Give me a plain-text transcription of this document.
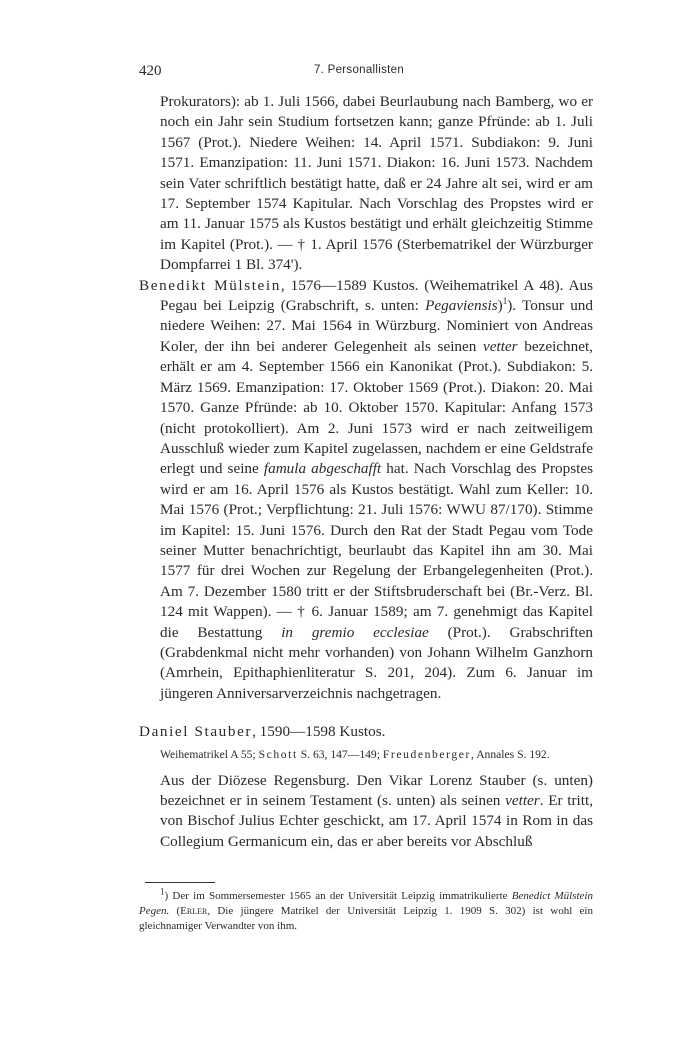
420	7. Personallisten

Prokurators): ab 1. Juli 1566, dabei Beurlaubung nach Bamberg, wo er noch ein Jahr sein Studium fortsetzen kann; ganze Pfründe: ab 1. Juli 1567 (Prot.). Niedere Weihen: 14. April 1571. Subdiakon: 9. Juni 1571. Emanzipation: 11. Juni 1571. Diakon: 16. Juni 1573. Nachdem sein Vater schriftlich bestätigt hatte, daß er 24 Jahre alt sei, wird er am 17. September 1574 Kapitular. Nach Vorschlag des Propstes wird er am 11. Januar 1575 als Kustos bestätigt und erhält gleichzeitig Stimme im Kapitel (Prot.). — † 1. April 1576 (Sterbematrikel der Würzburger Dompfarrei 1 Bl. 374').

Benedikt Mülstein, 1576—1589 Kustos. (Weihematrikel A 48). Aus Pegau bei Leipzig (Grabschrift, s. unten: Pegaviensis)$^1$). Tonsur und niedere Weihen: 27. Mai 1564 in Würzburg. Nominiert von Andreas Koler, der ihn bei anderer Gelegenheit als seinen vetter bezeichnet, erhält er am 4. September 1566 ein Kanonikat (Prot.). Subdiakon: 5. März 1569. Emanzipation: 17. Oktober 1569 (Prot.). Diakon: 20. Mai 1570. Ganze Pfründe: ab 10. Oktober 1570. Kapitular: Anfang 1573 (nicht protokolliert). Am 2. Juni 1573 wird er nach zeitweiligem Ausschluß wieder zum Kapitel zugelassen, nachdem er eine Geldstrafe erlegt und seine famula abgeschafft hat. Nach Vorschlag des Propstes wird er am 16. April 1576 als Kustos bestätigt. Wahl zum Keller: 10. Mai 1576 (Prot.; Verpflichtung: 21. Juli 1576: WWU 87/170). Stimme im Kapitel: 15. Juni 1576. Durch den Rat der Stadt Pegau vom Tode seiner Mutter benachrichtigt, beurlaubt das Kapitel ihn am 30. Mai 1577 für drei Wochen zur Regelung der Erbangelegenheiten (Prot.). Am 7. Dezember 1580 tritt er der Stiftsbruderschaft bei (Br.-Verz. Bl. 124 mit Wappen). — † 6. Januar 1589; am 7. genehmigt das Kapitel die Bestattung in gremio ecclesiae (Prot.). Grabschriften (Grabdenkmal nicht mehr vorhanden) von Johann Wilhelm Ganzhorn (Amrhein, Epithaphienliteratur S. 201, 204). Zum 6. Januar im jüngeren Anniversarverzeichnis nachgetragen.

Daniel Stauber, 1590—1598 Kustos.

Weihematrikel A 55; Schott S. 63, 147—149; Freudenberger, Annales S. 192.

Aus der Diözese Regensburg. Den Vikar Lorenz Stauber (s. unten) bezeichnet er in seinem Testament (s. unten) als seinen vetter. Er tritt, von Bischof Julius Echter geschickt, am 17. April 1574 in Rom in das Collegium Germanicum ein, das er aber bereits vor Abschluß

$^1$) Der im Sommersemester 1565 an der Universität Leipzig immatrikulierte Benedict Mülstein Pegen. (Erler, Die jüngere Matrikel der Universität Leipzig 1. 1909 S. 302) ist wohl ein gleichnamiger Verwandter von ihm.
